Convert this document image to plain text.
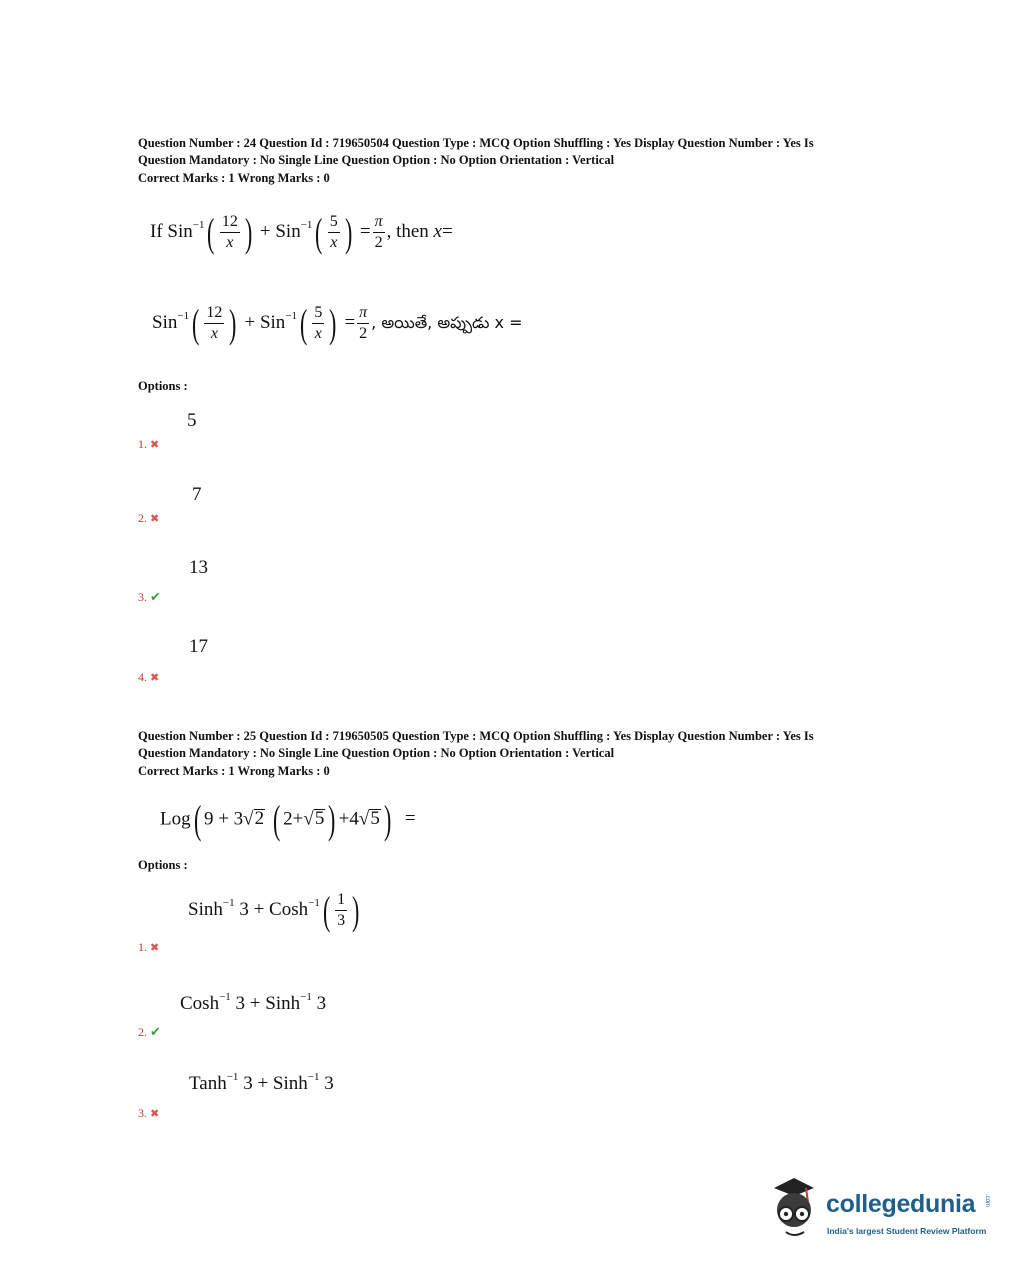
Question Number : 24 Question Id : 719650504 Question Type : MCQ Option Shuffling : Yes Display Question Number : Yes Is
Question Mandatory : No Single Line Question Option : No Option Orientation : Vertical
Correct Marks : 1 Wrong Marks : 0
If $Sin^{-1}( \frac{12}{x}$ ) + $Sin^{-1}( \frac{5}{x}$ ) = $\frac{\pi}{2}$ , then x=
$Sin^{-1}( \frac{12}{x}$ ) + $Sin^{-1}( \frac{5}{x}$ ) = $\frac{\pi}{2}$ , అయితే, అప్పుడు x =
Options :
5
1. ✖
7
2. ✖
13
3. ✔
17
4. ✖
Question Number : 25 Question Id : 719650505 Question Type : MCQ Option Shuffling : Yes Display Question Number : Yes Is
Question Mandatory : No Single Line Question Option : No Option Orientation : Vertical
Correct Marks : 1 Wrong Marks : 0
Log( 9 + 3√2 ( 2+√5) +4√5) =
Options :
Sinh$^{-1}$ 3 + Cosh$^{-1}$( $\frac{1}{3}$ )
1. ✖
Cosh$^{-1}$ 3 + Sinh$^{-1}$ 3
2. ✔
Tanh$^{-1}$ 3 + Sinh$^{-1}$ 3
3. ✖
collegedunia .com
India's largest Student Review Platform
